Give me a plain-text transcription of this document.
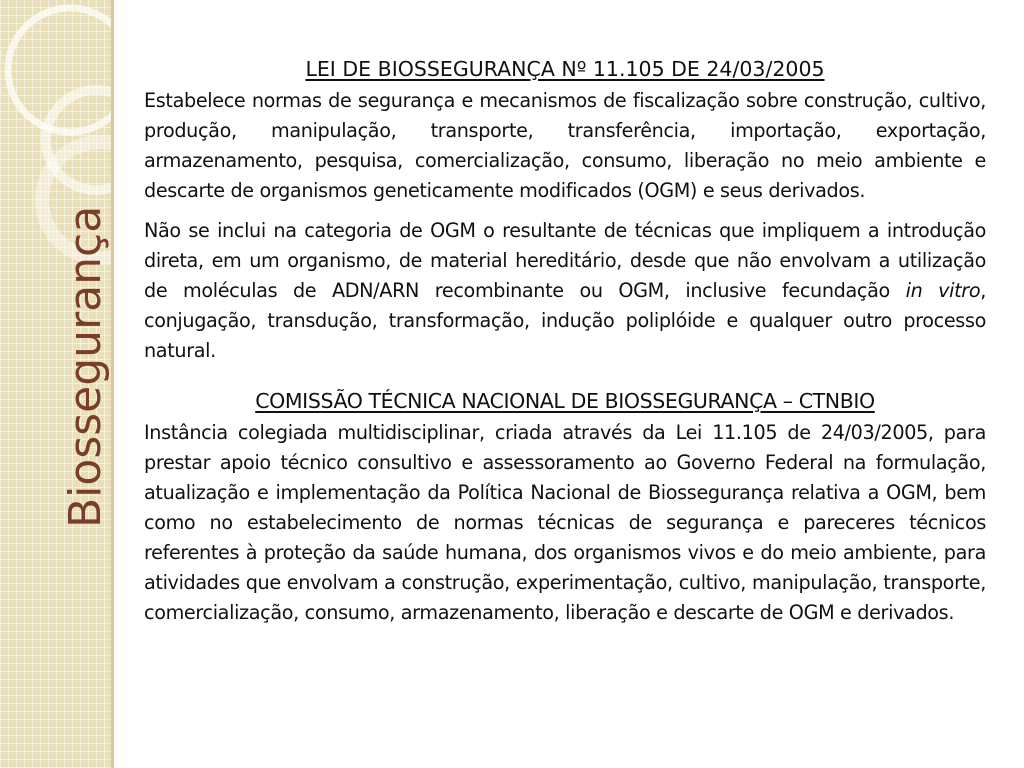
Biossegurança
LEI DE BIOSSEGURANÇA Nº 11.105 DE 24/03/2005

Estabelece normas de segurança e mecanismos de fiscalização sobre construção, cultivo, produção, manipulação, transporte, transferência, importação, exportação, armazenamento, pesquisa, comercialização, consumo, liberação no meio ambiente e descarte de organismos geneticamente modificados (OGM) e seus derivados.

Não se inclui na categoria de OGM o resultante de técnicas que impliquem a introdução direta, em um organismo, de material hereditário, desde que não envolvam a utilização de moléculas de ADN/ARN recombinante ou OGM, inclusive fecundação in vitro, conjugação, transdução, transformação, indução poliplóide e qualquer outro processo natural.

COMISSÃO TÉCNICA NACIONAL DE BIOSSEGURANÇA – CTNBIO

Instância colegiada multidisciplinar, criada através da Lei 11.105 de 24/03/2005, para prestar apoio técnico consultivo e assessoramento ao Governo Federal na formulação, atualização e implementação da Política Nacional de Biossegurança relativa a OGM, bem como no estabelecimento de normas técnicas de segurança e pareceres técnicos referentes à proteção da saúde humana, dos organismos vivos e do meio ambiente, para atividades que envolvam a construção, experimentação, cultivo, manipulação, transporte, comercialização, consumo, armazenamento, liberação e descarte de OGM e derivados.
